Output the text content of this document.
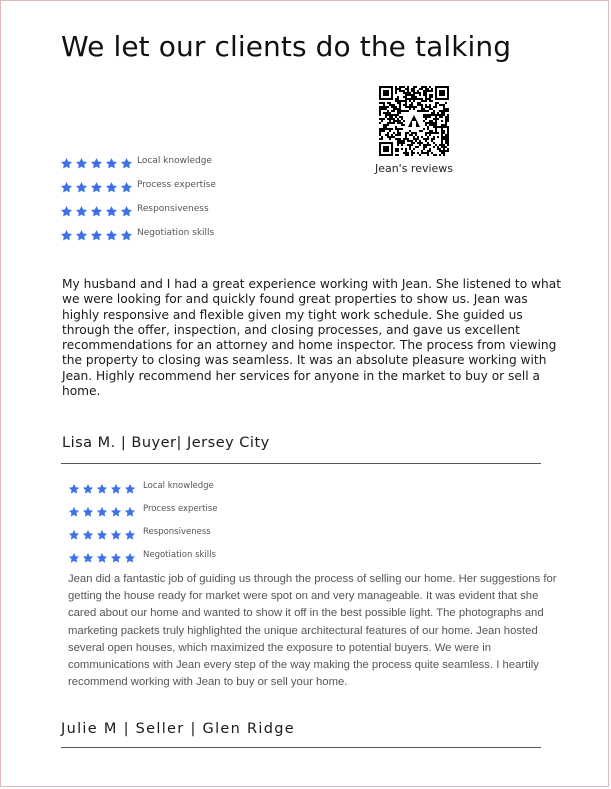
We let our clients do the talking
Jean's reviews
Local knowledge
Process expertise
Responsiveness
Negotiation skills

My husband and I had a great experience working with Jean. She listened to what we were looking for and quickly found great properties to show us. Jean was highly responsive and flexible given my tight work schedule. She guided us through the offer, inspection, and closing processes, and gave us excellent recommendations for an attorney and home inspector. The process from viewing the property to closing was seamless. It was an absolute pleasure working with Jean. Highly recommend her services for anyone in the market to buy or sell a home.

Lisa M. | Buyer| Jersey City
Local knowledge
Process expertise
Responsiveness
Negotiation skills

Jean did a fantastic job of guiding us through the process of selling our home. Her suggestions for getting the house ready for market were spot on and very manageable. It was evident that she cared about our home and wanted to show it off in the best possible light. The photographs and marketing packets truly highlighted the unique architectural features of our home. Jean hosted several open houses, which maximized the exposure to potential buyers. We were in communications with Jean every step of the way making the process quite seamless. I heartily recommend working with Jean to buy or sell your home.

Julie M | Seller | Glen Ridge
